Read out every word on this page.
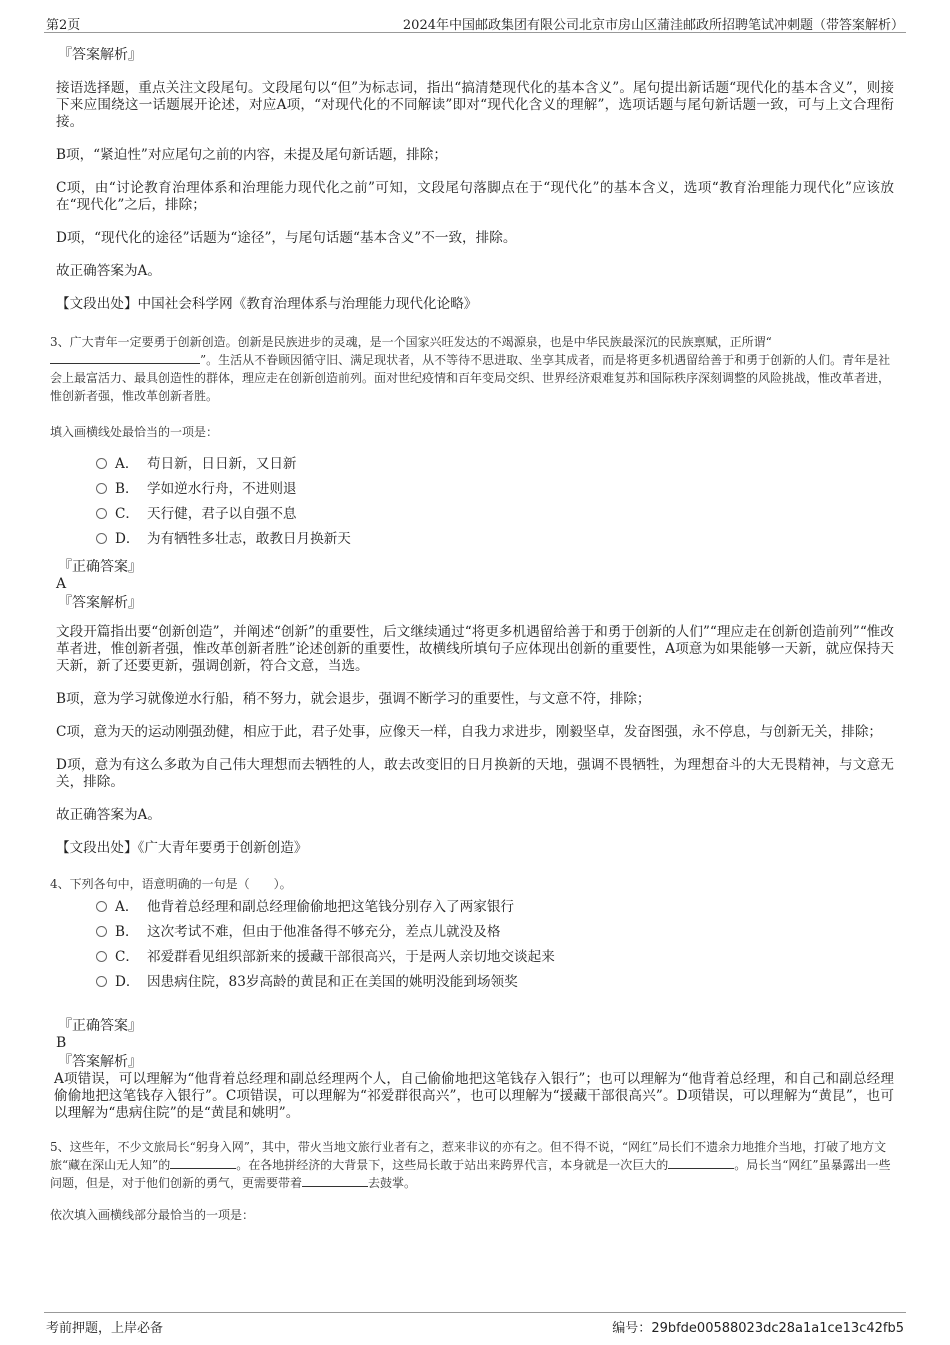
第2页	2024年中国邮政集团有限公司北京市房山区蒲洼邮政所招聘笔试冲刺题（带答案解析）
『答案解析』

接语选择题，重点关注文段尾句。文段尾句以“但”为标志词，指出“搞清楚现代化的基本含义”。尾句提出新话题“现代化的基本含义”，则接下来应围绕这一话题展开论述，对应A项，“对现代化的不同解读”即对“现代化含义的理解”，选项话题与尾句新话题一致，可与上文合理衔接。

B项，“紧迫性”对应尾句之前的内容，未提及尾句新话题，排除；

C项，由“讨论教育治理体系和治理能力现代化之前”可知，文段尾句落脚点在于“现代化”的基本含义，选项“教育治理能力现代化”应该放在“现代化”之后，排除；

D项，“现代化的途径”话题为“途径”，与尾句话题“基本含义”不一致，排除。

故正确答案为A。

【文段出处】中国社会科学网《教育治理体系与治理能力现代化论略》

3、广大青年一定要勇于创新创造。创新是民族进步的灵魂，是一个国家兴旺发达的不竭源泉，也是中华民族最深沉的民族禀赋，正所谓“”。生活从不眷顾因循守旧、满足现状者，从不等待不思进取、坐享其成者，而是将更多机遇留给善于和勇于创新的人们。青年是社会上最富活力、最具创造性的群体，理应走在创新创造前列。面对世纪疫情和百年变局交织、世界经济艰难复苏和国际秩序深刻调整的风险挑战，惟改革者进，惟创新者强，惟改革创新者胜。

填入画横线处最恰当的一项是：

A． 苟日新，日日新，又日新
B． 学如逆水行舟，不进则退
C． 天行健，君子以自强不息
D． 为有牺牲多壮志，敢教日月换新天
『正确答案』
A
『答案解析』

文段开篇指出要“创新创造”，并阐述“创新”的重要性，后文继续通过“将更多机遇留给善于和勇于创新的人们”“理应走在创新创造前列”“惟改革者进，惟创新者强，惟改革创新者胜”论述创新的重要性，故横线所填句子应体现出创新的重要性，A项意为如果能够一天新，就应保持天天新，新了还要更新，强调创新，符合文意，当选。

B项，意为学习就像逆水行船，稍不努力，就会退步，强调不断学习的重要性，与文意不符，排除；

C项，意为天的运动刚强劲健，相应于此，君子处事，应像天一样，自我力求进步，刚毅坚卓，发奋图强，永不停息，与创新无关，排除；

D项，意为有这么多敢为自己伟大理想而去牺牲的人，敢去改变旧的日月换新的天地，强调不畏牺牲，为理想奋斗的大无畏精神，与文意无关，排除。

故正确答案为A。

【文段出处】《广大青年要勇于创新创造》

4、下列各句中，语意明确的一句是（　　）。

A． 他背着总经理和副总经理偷偷地把这笔钱分别存入了两家银行
B． 这次考试不难，但由于他准备得不够充分，差点儿就没及格
C． 祁爱群看见组织部新来的援藏干部很高兴，于是两人亲切地交谈起来
D． 因患病住院，83岁高龄的黄昆和正在美国的姚明没能到场领奖
『正确答案』
B
『答案解析』

A项错误，可以理解为“他背着总经理和副总经理两个人，自己偷偷地把这笔钱存入银行”；也可以理解为“他背着总经理，和自己和副总经理偷偷地把这笔钱存入银行”。C项错误，可以理解为“祁爱群很高兴”，也可以理解为“援藏干部很高兴”。D项错误，可以理解为“黄昆”，也可以理解为“患病住院”的是“黄昆和姚明”。

5、这些年，不少文旅局长“躬身入网”，其中，带火当地文旅行业者有之，惹来非议的亦有之。但不得不说，“网红”局长们不遗余力地推介当地，打破了地方文旅“藏在深山无人知”的	。在各地拼经济的大背景下，这些局长敢于站出来跨界代言，本身就是一次巨大的	。局长当“网红”虽暴露出一些问题，但是，对于他们创新的勇气，更需要带着	去鼓掌。

依次填入画横线部分最恰当的一项是：

考前押题，上岸必备	编号：29bfde00588023dc28a1a1ce13c42fb5
